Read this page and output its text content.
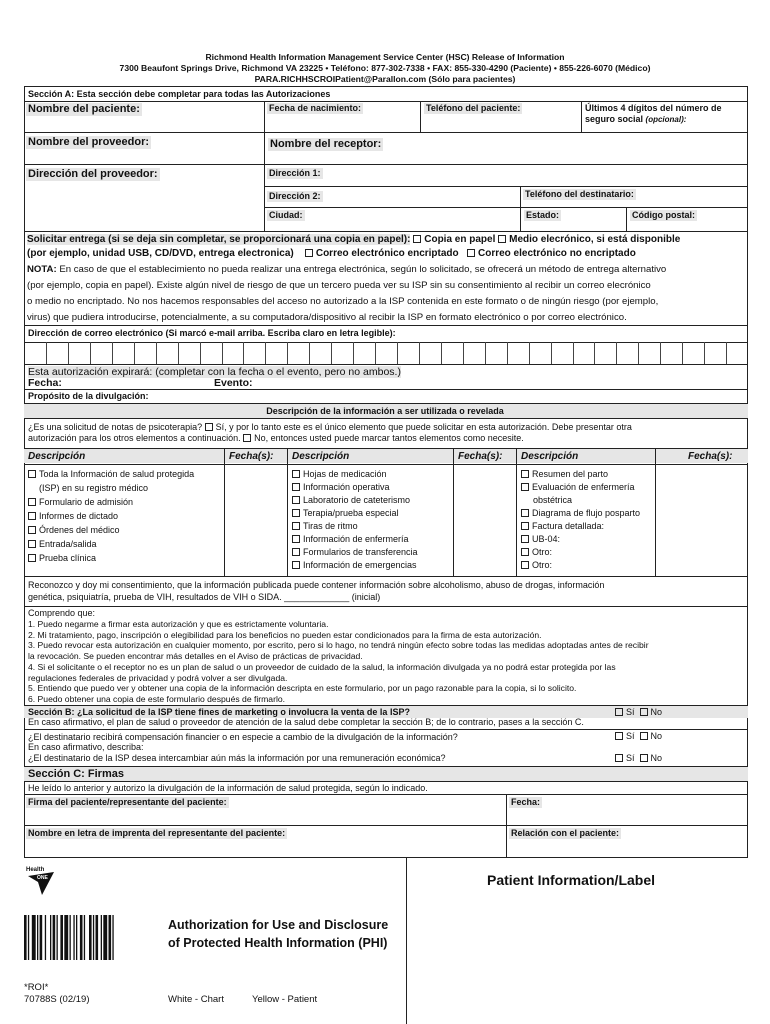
Richmond Health Information Management Service Center (HSC) Release of Information
7300 Beaufont Springs Drive, Richmond VA 23225 • Teléfono: 877-302-7338 • FAX: 855-330-4290 (Paciente) • 855-226-6070 (Médico)
PARA.RICHHSCROIPatient@Parallon.com (Sólo para pacientes)
Sección A: Esta sección debe completar para todas las Autorizaciones
Nombre del paciente:	Fecha de nacimiento:	Teléfono del paciente:	Últimos 4 dígitos del número de
seguro social (opcional):
Nombre del proveedor:	Nombre del receptor:
Dirección del proveedor:	Dirección 1:
Dirección 2:	Teléfono del destinatario:
Ciudad:	Estado:	Código postal:
Solicitar entrega (si se deja sin completar, se proporcionará una copia en papel): Copia en papel Medio elecrónico, si está disponible
(por ejemplo, unidad USB, CD/DVD, entrega electronica) Correo electrónico encriptado Correo electrónico no encriptado
NOTA: En caso de que el establecimiento no pueda realizar una entrega electrónica, según lo solicitado, se ofrecerá un método de entrega alternativo
(por ejemplo, copia en papel). Existe algún nivel de riesgo de que un tercero pueda ver su ISP sin su consentimiento al recibir un correo elecrónico
o medio no encriptado. No nos hacemos responsables del acceso no autorizado a la ISP contenida en este formato o de ningún riesgo (por ejemplo,
virus) que pudiera introducirse, potencialmente, a su computadora/dispositivo al recibir la ISP en formato electrónico o por correo electrónico.
Dirección de correo electrónico (Si marcó e-mail arriba. Escriba claro en letra legible):
Esta autorización expirará: (completar con la fecha o el evento, pero no ambos.)
Fecha:	Evento:
Propósito de la divulgación:
Descripción de la información a ser utilizada o revelada
¿Es una solicitud de notas de psicoterapia? Sí, y por lo tanto este es el único elemento que puede solicitar en esta autorización. Debe presentar otra
autorización para los otros elementos a continuación. No, entonces usted puede marcar tantos elementos como necesite.
Descripción	Fecha(s): Descripción	Fecha(s): Descripción	Fecha(s):
Toda la Información de salud protegida
(ISP) en su registro médico
Formulario de admisión
Informes de dictado
Órdenes del médico
Entrada/salida
Prueba clínica
Hojas de medicación
Información operativa
Laboratorio de cateterismo
Terapia/prueba especial
Tiras de ritmo
Información de enfermería
Formularios de transferencia
Información de emergencias
Resumen del parto
Evaluación de enfermería
obstétrica
Diagrama de flujo posparto
Factura detallada:
UB-04:
Otro:
Otro:
Reconozco y doy mi consentimiento, que la información publicada puede contener información sobre alcoholismo, abuso de drogas, información
genética, psiquiatría, prueba de VIH, resultados de VIH o SIDA. _____________ (inicial)
Comprendo que:
1. Puedo negarme a firmar esta autorización y que es estrictamente voluntaria.
2. Mi tratamiento, pago, inscripción o elegibilidad para los beneficios no pueden estar condicionados para la firma de esta autorización.
3. Puedo revocar esta autorización en cualquier momento, por escrito, pero si lo hago, no tendrá ningún efecto sobre todas las medidas adoptadas antes de recibir
la revocación. Se pueden encontrar más detalles en el Aviso de prácticas de privacidad.
4. Si el solicitante o el receptor no es un plan de salud o un proveedor de cuidado de la salud, la información divulgada ya no podrá estar protegida por las
regulaciones federales de privacidad y podrá volver a ser divulgada.
5. Entiendo que puedo ver y obtener una copia de la información descripta en este formulario, por un pago razonable para la copia, si lo solicito.
6. Puedo obtener una copia de este formulario después de firmarlo.
Sección B: ¿La solicitud de la ISP tiene fines de marketing o involucra la venta de la ISP?	Sí No
En caso afirmativo, el plan de salud o proveedor de atención de la salud debe completar la sección B; de lo contrario, pases a la sección C.
¿El destinatario recibirá compensación financier o en especie a cambio de la divulgación de la información?	Sí No
En caso afirmativo, describa:
¿El destinatario de la ISP desea intercambiar aún más la información por una remuneración económica?	Sí No
Sección C: Firmas
He leído lo anterior y autorizo la divulgación de la información de salud protegida, según lo indicado.
Firma del paciente/representante del paciente:	Fecha:
Nombre en letra de imprenta del representante del paciente:	Relación con el paciente:
Patient Information/Label
Health
ONE
Authorization for Use and Disclosure
of Protected Health Information (PHI)
*ROI*
70788S (02/19)	White - Chart	Yellow - Patient
